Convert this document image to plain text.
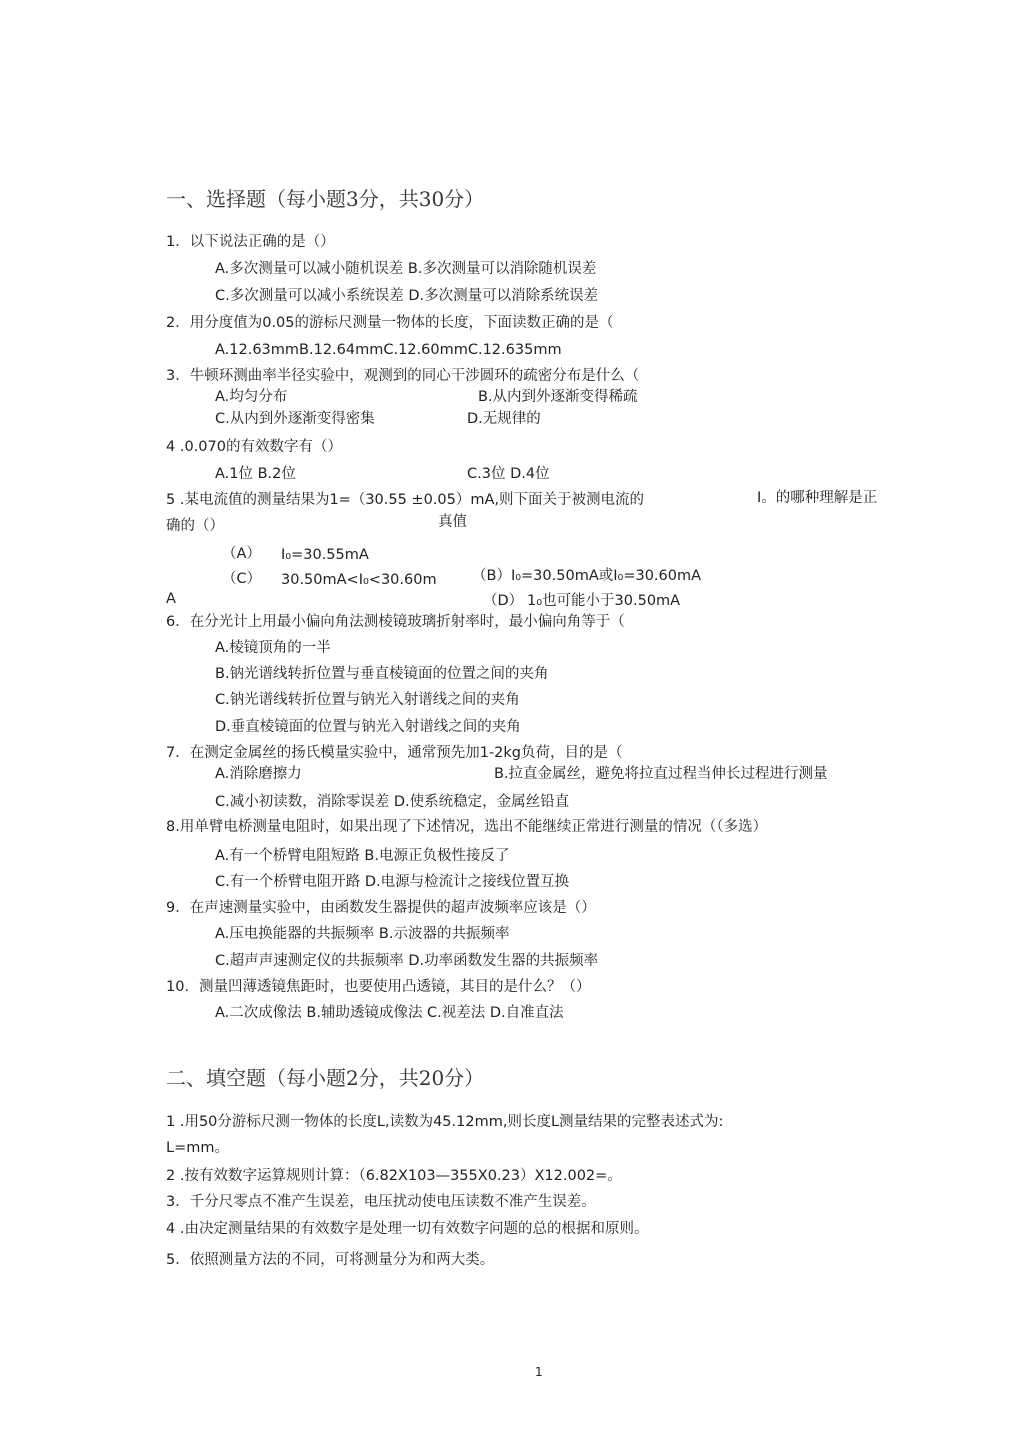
一、选择题（每小题3分，共30分）
1．以下说法正确的是（）
A.多次测量可以减小随机误差 B.多次测量可以消除随机误差
C.多次测量可以减小系统误差 D.多次测量可以消除系统误差
2．用分度值为0.05的游标尺测量一物体的长度，下面读数正确的是（
A.12.63mmB.12.64mmC.12.60mmC.12.635mm
3．牛顿环测曲率半径实验中，观测到的同心干涉圆环的疏密分布是什么（
A.均匀分布	B.从内到外逐渐变得稀疏
C.从内到外逐渐变得密集	D.无规律的
4 .0.070的有效数字有（）
A.1位 B.2位	C.3位 D.4位
5 .某电流值的测量结果为1=（30.55 ±0.05）mA,则下面关于被测电流的	I。的哪种理解是正
确的（）	真值
（A） I₀=30.55mA
（C） 30.50mA<I₀<30.60m （B）I₀=30.50mA或I₀=30.60mA
A	（D） 1₀也可能小于30.50mA
6．在分光计上用最小偏向角法测棱镜玻璃折射率时，最小偏向角等于（
A.棱镜顶角的一半
B.钠光谱线转折位置与垂直棱镜面的位置之间的夹角
C.钠光谱线转折位置与钠光入射谱线之间的夹角
D.垂直棱镜面的位置与钠光入射谱线之间的夹角
7．在测定金属丝的扬氏模量实验中，通常预先加1-2kg负荷，目的是（
A.消除磨擦力	B.拉直金属丝，避免将拉直过程当伸长过程进行测量
C.减小初读数，消除零误差 D.使系统稳定，金属丝铅直
8.用单臂电桥测量电阻时，如果出现了下述情况，选出不能继续正常进行测量的情况（（多选）
A.有一个桥臂电阻短路 B.电源正负极性接反了
C.有一个桥臂电阻开路 D.电源与检流计之接线位置互换
9．在声速测量实验中，由函数发生器提供的超声波频率应该是（）
A.压电换能器的共振频率 B.示波器的共振频率
C.超声声速测定仪的共振频率 D.功率函数发生器的共振频率
10．测量凹薄透镜焦距时，也要使用凸透镜，其目的是什么？（）
A.二次成像法 B.辅助透镜成像法 C.视差法 D.自准直法
二、填空题（每小题2分，共20分）
1 .用50分游标尺测一物体的长度L,读数为45.12mm,则长度L测量结果的完整表述式为:
L=mm。
2 .按有效数字运算规则计算：（6.82X103—355X0.23）X12.002=。
3．千分尺零点不准产生误差，电压扰动使电压读数不准产生误差。
4 .由决定测量结果的有效数字是处理一切有效数字问题的总的根据和原则。
5．依照测量方法的不同，可将测量分为和两大类。
1
